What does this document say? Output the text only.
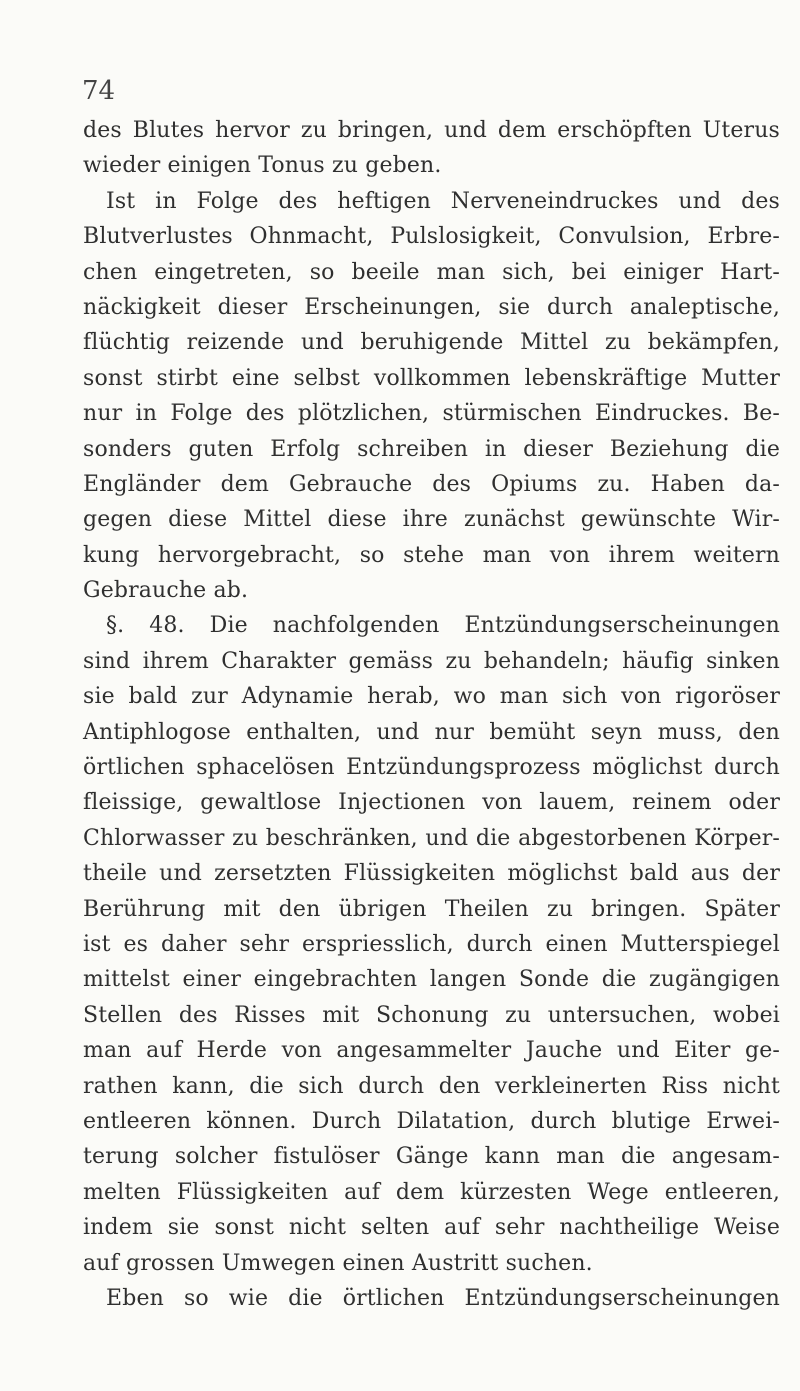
74
des Blutes hervor zu bringen, und dem erschöpften Uterus
wieder einigen Tonus zu geben.
Ist in Folge des heftigen Nerveneindruckes und des
Blutverlustes Ohnmacht, Pulslosigkeit, Convulsion, Erbre-
chen eingetreten, so beeile man sich, bei einiger Hart-
näckigkeit dieser Erscheinungen, sie durch analeptische,
flüchtig reizende und beruhigende Mittel zu bekämpfen,
sonst stirbt eine selbst vollkommen lebenskräftige Mutter
nur in Folge des plötzlichen, stürmischen Eindruckes. Be-
sonders guten Erfolg schreiben in dieser Beziehung die
Engländer dem Gebrauche des Opiums zu. Haben da-
gegen diese Mittel diese ihre zunächst gewünschte Wir-
kung hervorgebracht, so stehe man von ihrem weitern
Gebrauche ab.
§. 48. Die nachfolgenden Entzündungserscheinungen
sind ihrem Charakter gemäss zu behandeln; häufig sinken
sie bald zur Adynamie herab, wo man sich von rigoröser
Antiphlogose enthalten, und nur bemüht seyn muss, den
örtlichen sphacelösen Entzündungsprozess möglichst durch
fleissige, gewaltlose Injectionen von lauem, reinem oder
Chlorwasser zu beschränken, und die abgestorbenen Körper-
theile und zersetzten Flüssigkeiten möglichst bald aus der
Berührung mit den übrigen Theilen zu bringen. Später
ist es daher sehr erspriesslich, durch einen Mutterspiegel
mittelst einer eingebrachten langen Sonde die zugängigen
Stellen des Risses mit Schonung zu untersuchen, wobei
man auf Herde von angesammelter Jauche und Eiter ge-
rathen kann, die sich durch den verkleinerten Riss nicht
entleeren können. Durch Dilatation, durch blutige Erwei-
terung solcher fistulöser Gänge kann man die angesam-
melten Flüssigkeiten auf dem kürzesten Wege entleeren,
indem sie sonst nicht selten auf sehr nachtheilige Weise
auf grossen Umwegen einen Austritt suchen.
Eben so wie die örtlichen Entzündungserscheinungen
